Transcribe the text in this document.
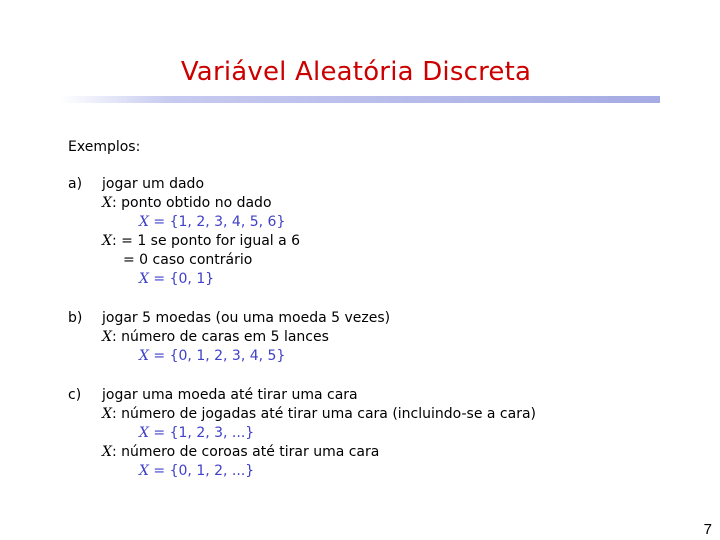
Variável Aleatória Discreta
Exemplos:
a) jogar um dado
X: ponto obtido no dado
X = {1, 2, 3, 4, 5, 6}
X: = 1 se ponto for igual a 6
= 0 caso contrário
X = {0, 1}
b) jogar 5 moedas (ou uma moeda 5 vezes)
X: número de caras em 5 lances
X = {0, 1, 2, 3, 4, 5}
c) jogar uma moeda até tirar uma cara
X: número de jogadas até tirar uma cara (incluindo-se a cara)
X = {1, 2, 3, ...}
X: número de coroas até tirar uma cara
X = {0, 1, 2, ...}
7
